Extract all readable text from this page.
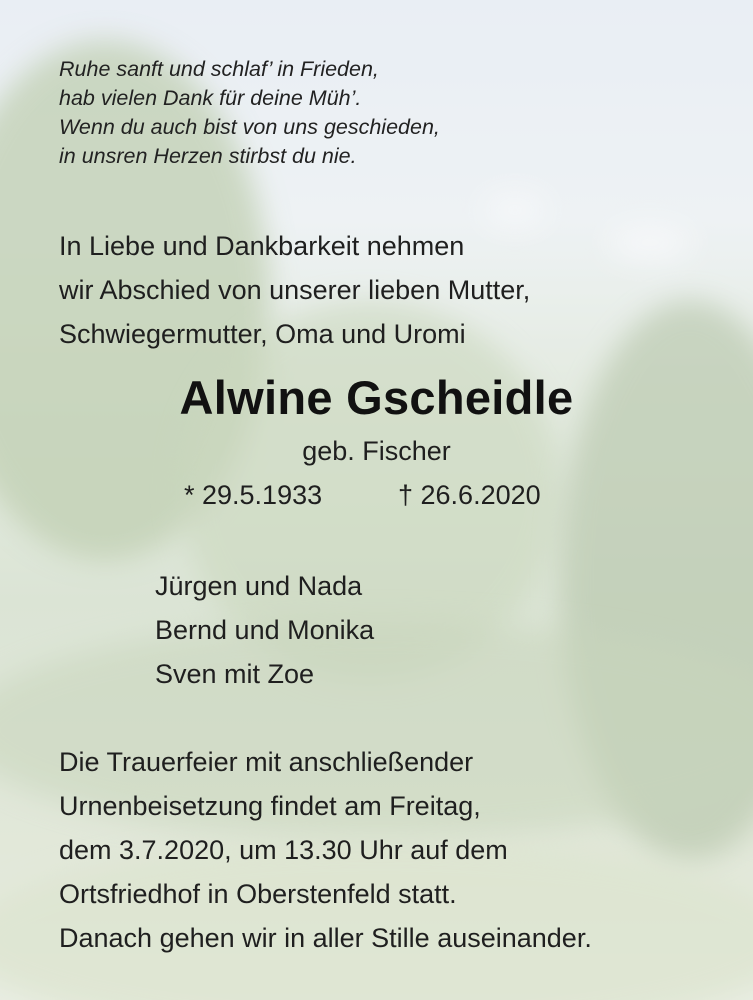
Ruhe sanft und schlaf’ in Frieden,
hab vielen Dank für deine Müh’.
Wenn du auch bist von uns geschieden,
in unsren Herzen stirbst du nie.
In Liebe und Dankbarkeit nehmen
wir Abschied von unserer lieben Mutter,
Schwiegermutter, Oma und Uromi
Alwine Gscheidle
geb. Fischer
* 29.5.1933	† 26.6.2020
Jürgen und Nada
Bernd und Monika
Sven mit Zoe
Die Trauerfeier mit anschließender
Urnenbeisetzung findet am Freitag,
dem 3.7.2020, um 13.30 Uhr auf dem
Ortsfriedhof in Oberstenfeld statt.
Danach gehen wir in aller Stille auseinander.
